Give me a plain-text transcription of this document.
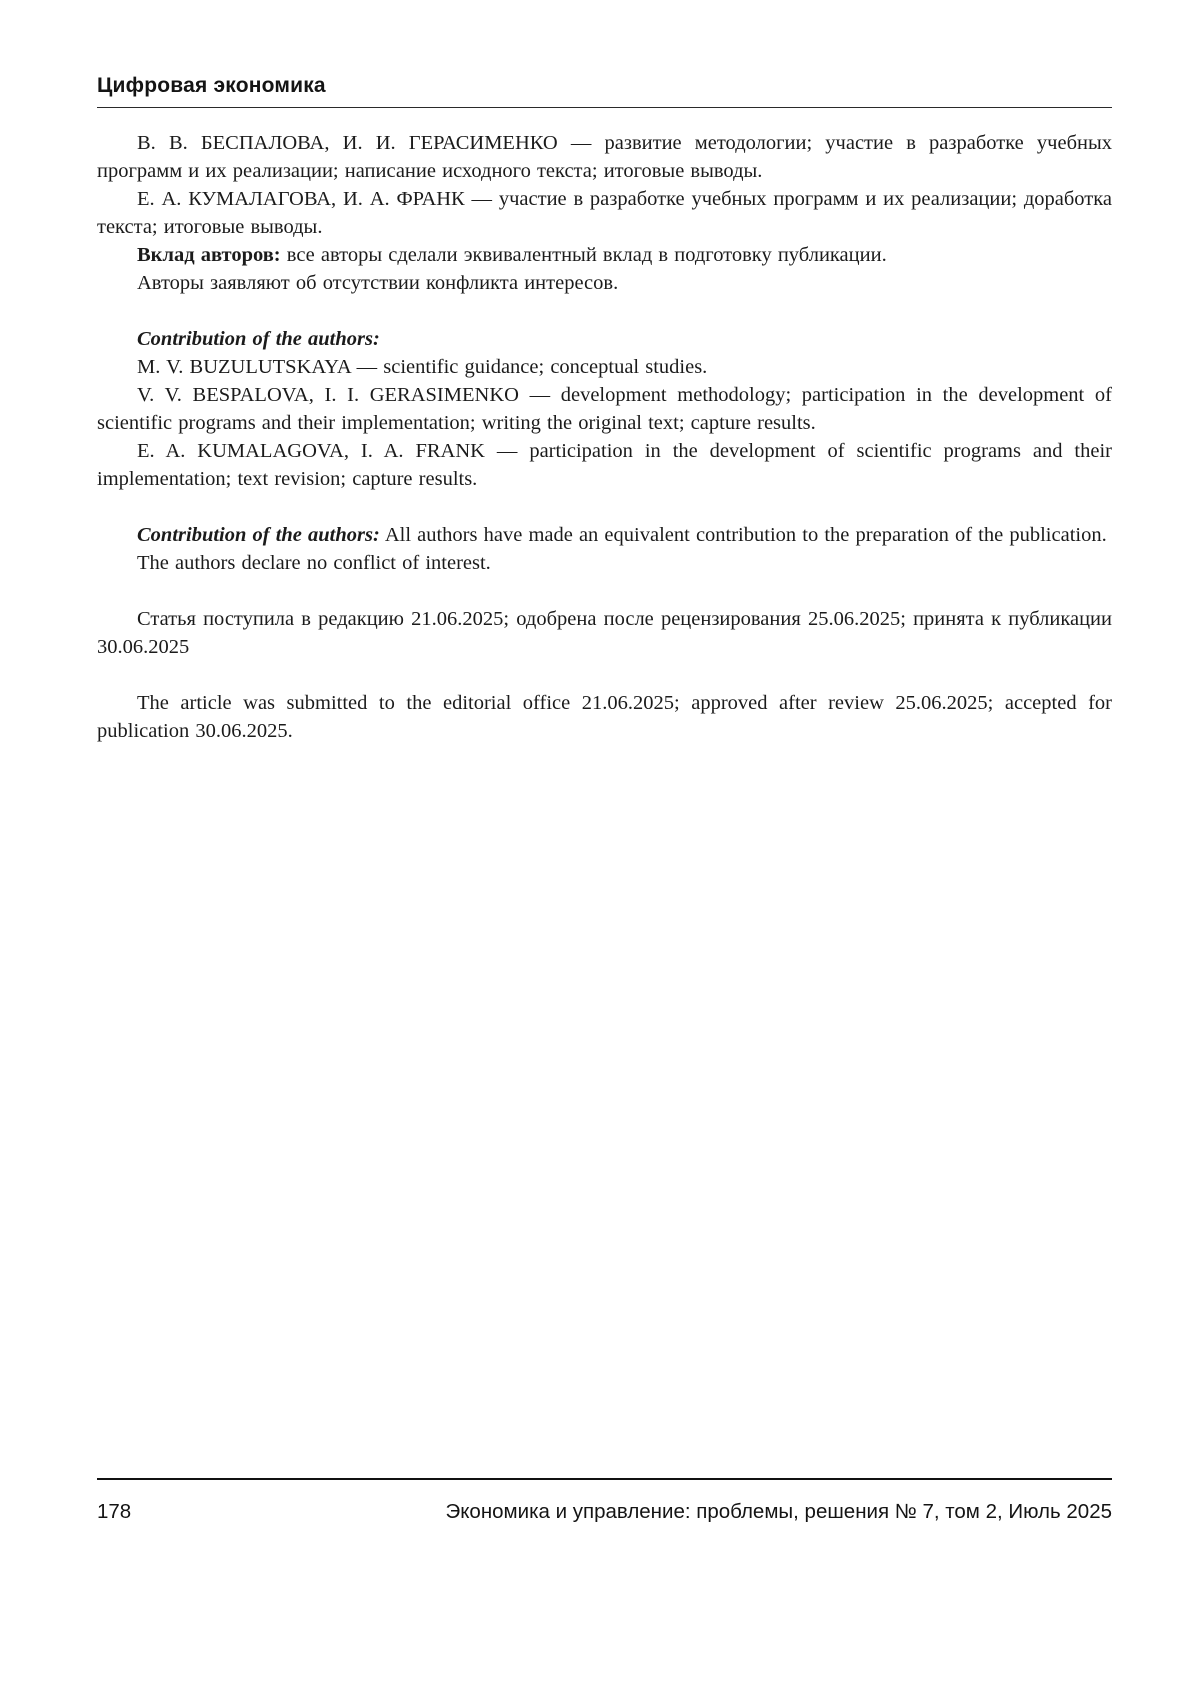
Цифровая экономика

В. В. БЕСПАЛОВА, И. И. ГЕРАСИМЕНКО — развитие методологии; участие в разработке учебных программ и их реализации; написание исходного текста; итоговые выводы.

Е. А. КУМАЛАГОВА, И. А. ФРАНК — участие в разработке учебных программ и их реализации; доработка текста; итоговые выводы.

Вклад авторов: все авторы сделали эквивалентный вклад в подготовку публикации.

Авторы заявляют об отсутствии конфликта интересов.

Contribution of the authors:

M. V. BUZULUTSKAYA — scientific guidance; conceptual studies.

V. V. BESPALOVA, I. I. GERASIMENKO — development methodology; participation in the development of scientific programs and their implementation; writing the original text; capture results.

E. A. KUMALAGOVA, I. A. FRANK — participation in the development of scientific programs and their implementation; text revision; capture results.

Contribution of the authors: All authors have made an equivalent contribution to the preparation of the publication.

The authors declare no conflict of interest.

Статья поступила в редакцию 21.06.2025; одобрена после рецензирования 25.06.2025; принята к публикации 30.06.2025

The article was submitted to the editorial office 21.06.2025; approved after review 25.06.2025; accepted for publication 30.06.2025.

178	Экономика и управление: проблемы, решения № 7, том 2, Июль 2025
